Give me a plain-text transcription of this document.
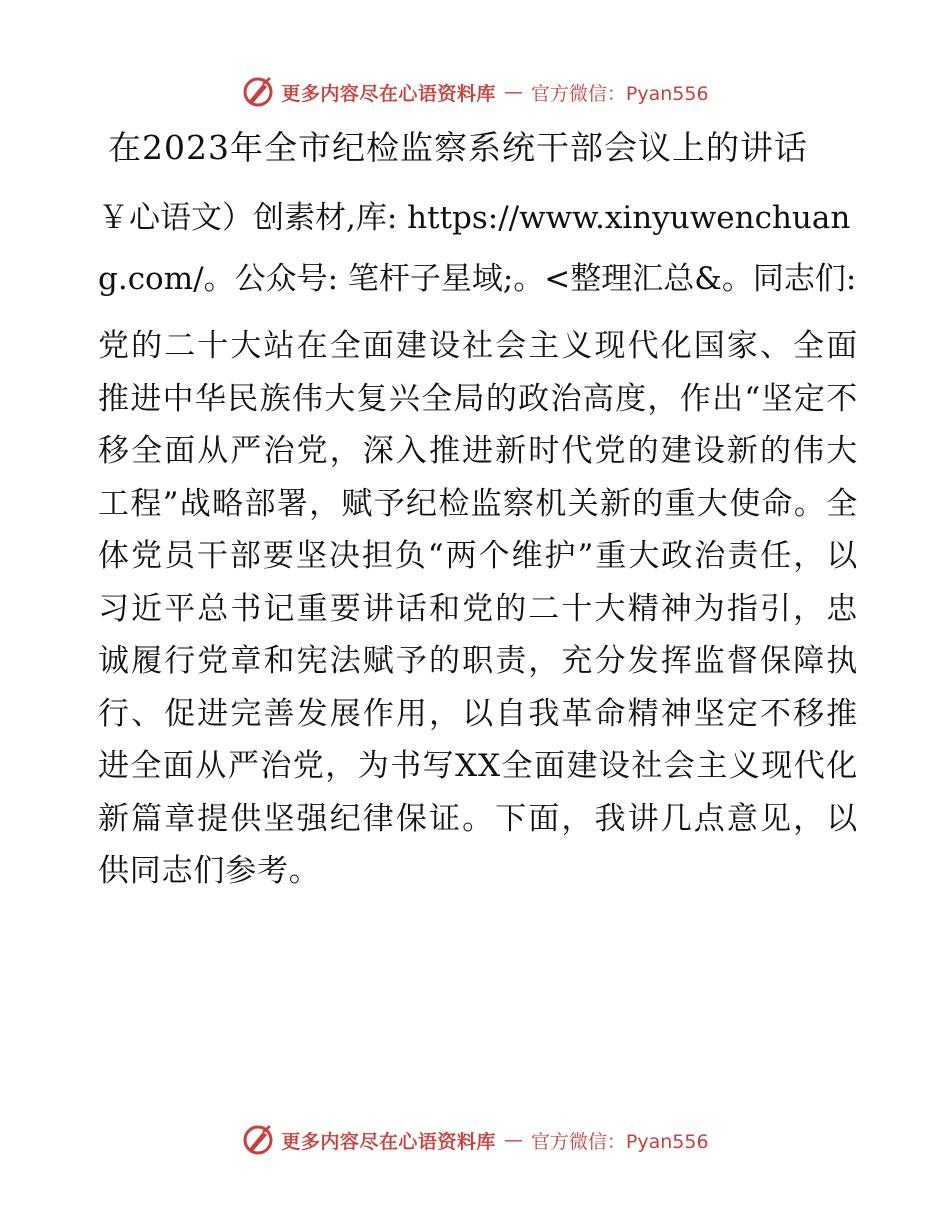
更多内容尽在心语资料库 — 官方微信：Pyan556
在2023年全市纪检监察系统干部会议上的讲话

￥心语文）创素材,库: https://www.xinyuwenchuang.com/。公众号: 笔杆子星域;。<整理汇总&。同志们:

党的二十大站在全面建设社会主义现代化国家、全面推进中华民族伟大复兴全局的政治高度，作出“坚定不移全面从严治党，深入推进新时代党的建设新的伟大工程”战略部署，赋予纪检监察机关新的重大使命。全体党员干部要坚决担负“两个维护”重大政治责任，以习近平总书记重要讲话和党的二十大精神为指引，忠诚履行党章和宪法赋予的职责，充分发挥监督保障执行、促进完善发展作用，以自我革命精神坚定不移推进全面从严治党，为书写XX全面建设社会主义现代化新篇章提供坚强纪律保证。下面，我讲几点意见，以供同志们参考。

更多内容尽在心语资料库 — 官方微信：Pyan556
